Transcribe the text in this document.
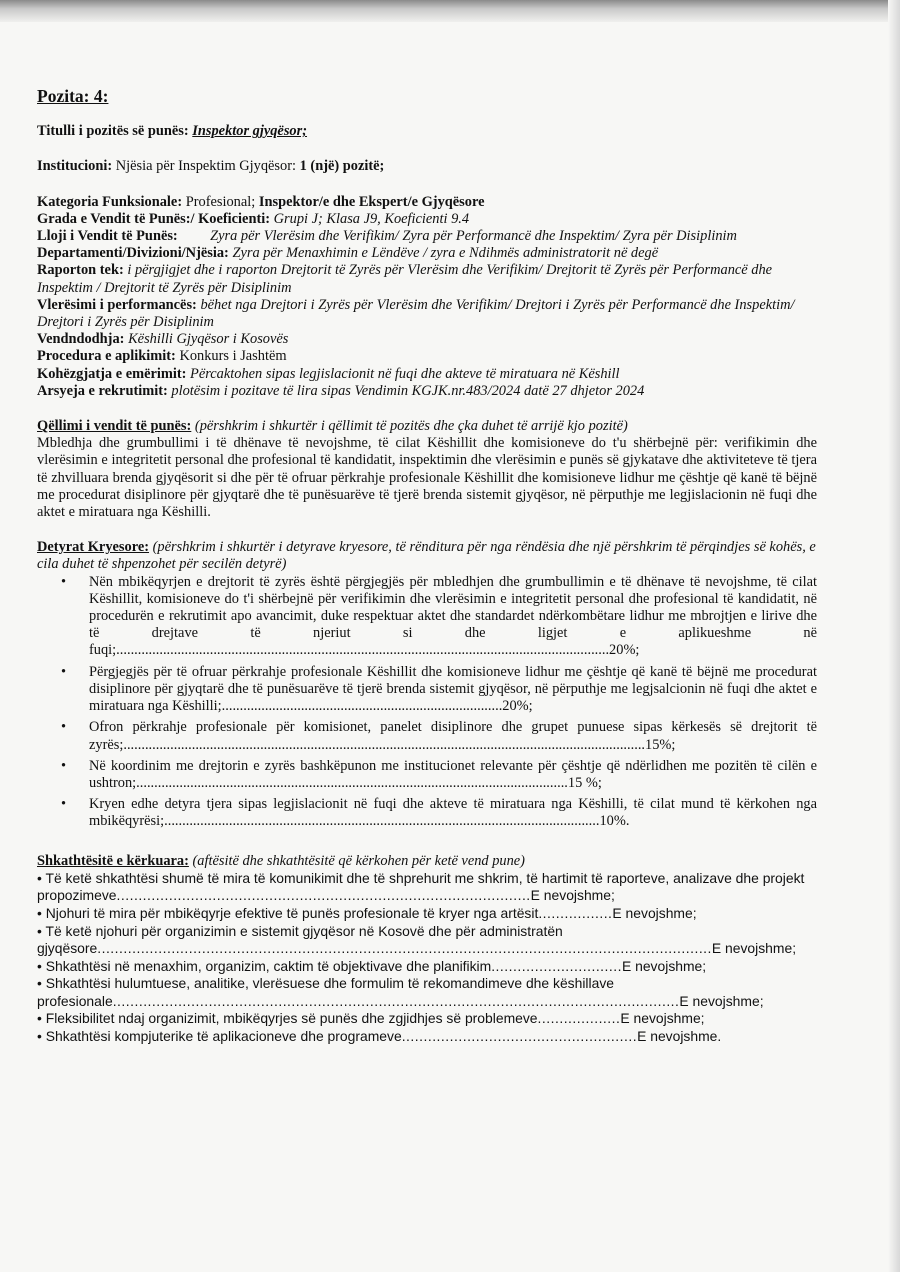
Pozita: 4:
Titulli i pozitës së punës: Inspektor gjyqësor;
Institucioni: Njësia për Inspektim Gjyqësor: 1 (një) pozitë;
Kategoria Funksionale: Profesional; Inspektor/e dhe Ekspert/e Gjyqësore
Grada e Vendit të Punës:/ Koeficienti: Grupi J; Klasa J9, Koeficienti 9.4
Lloji i Vendit të Punës: Zyra për Vlerësim dhe Verifikim/ Zyra për Performancë dhe Inspektim/ Zyra për Disiplinim
Departamenti/Divizioni/Njësia: Zyra për Menaxhimin e Lëndëve / zyra e Ndihmës administratorit në degë
Raporton tek: i përgjigjet dhe i raporton Drejtorit të Zyrës për Vlerësim dhe Verifikim/ Drejtorit të Zyrës për Performancë dhe Inspektim / Drejtorit të Zyrës për Disiplinim
Vlerësimi i performancës: bëhet nga Drejtori i Zyrës për Vlerësim dhe Verifikim/ Drejtori i Zyrës për Performancë dhe Inspektim/ Drejtori i Zyrës për Disiplinim
Vendndodhja: Këshilli Gjyqësor i Kosovës
Procedura e aplikimit: Konkurs i Jashtëm
Kohëzgjatja e emërimit: Përcaktohen sipas legjislacionit në fuqi dhe akteve të miratuara në Këshill
Arsyeja e rekrutimit: plotësim i pozitave të lira sipas Vendimin KGJK.nr.483/2024 datë 27 dhjetor 2024
Qëllimi i vendit të punës: (përshkrim i shkurtër i qëllimit të pozitës dhe çka duhet të arrijë kjo pozitë)
Mbledhja dhe grumbullimi i të dhënave të nevojshme, të cilat Këshillit dhe komisioneve do t'u shërbejnë për: verifikimin dhe vlerësimin e integritetit personal dhe profesional të kandidatit, inspektimin dhe vlerësimin e punës së gjykatave dhe aktiviteteve të tjera të zhvilluara brenda gjyqësorit si dhe për të ofruar përkrahje profesionale Këshillit dhe komisioneve lidhur me çështje që kanë të bëjnë me procedurat disiplinore për gjyqtarë dhe të punësuarëve të tjerë brenda sistemit gjyqësor, në përputhje me legjislacionin në fuqi dhe aktet e miratuara nga Këshilli.
Detyrat Kryesore: (përshkrim i shkurtër i detyrave kryesore, të rënditura për nga rëndësia dhe një përshkrim të përqindjes së kohës, e cila duhet të shpenzohet për secilën detyrë)
• Nën mbikëqyrjen e drejtorit të zyrës është përgjegjës për mbledhjen dhe grumbullimin e të dhënave të nevojshme, të cilat Këshillit, komisioneve do t'i shërbejnë për verifikimin dhe vlerësimin e integritetit personal dhe profesional të kandidatit, në procedurën e rekrutimit apo avancimit, duke respektuar aktet dhe standardet ndërkombëtare lidhur me mbrojtjen e lirive dhe të drejtave të njeriut si dhe ligjet e aplikueshme në fuqi;.........................................................................................................................................20%;
• Përgjegjës për të ofruar përkrahje profesionale Këshillit dhe komisioneve lidhur me çështje që kanë të bëjnë me procedurat disiplinore për gjyqtarë dhe të punësuarëve të tjerë brenda sistemit gjyqësor, në përputhje me legjsalcionin në fuqi dhe aktet e miratuara nga Këshilli;..............................................................................20%;
• Ofron përkrahje profesionale për komisionet, panelet disiplinore dhe grupet punuese sipas kërkesës së drejtorit të zyrës;.................................................................................................................................................15%;
• Në koordinim me drejtorin e zyrës bashkëpunon me institucionet relevante për çështje që ndërlidhen me pozitën të cilën e ushtron;........................................................................................................................15 %;
• Kryen edhe detyra tjera sipas legjislacionit në fuqi dhe akteve të miratuara nga Këshilli, të cilat mund të kërkohen nga mbikëqyrësi;.........................................................................................................................10%.
Shkathtësitë e kërkuara: (aftësitë dhe shkathtësitë që kërkohen për ketë vend pune)
• Të ketë shkathtësi shumë të mira të komunikimit dhe të shprehurit me shkrim, të hartimit të raporteve, analizave dhe projekt propozimeve...............................................................................................E nevojshme;
• Njohuri të mira për mbikëqyrje efektive të punës profesionale të kryer nga artësit.................E nevojshme;
• Të ketë njohuri për organizimin e sistemit gjyqësor në Kosovë dhe për administratën gjyqësore.............................................................................................................................................E nevojshme;
• Shkathtësi në menaxhim, organizim, caktim të objektivave dhe planifikim..............................E nevojshme;
• Shkathtësi hulumtuese, analitike, vlerësuese dhe formulim të rekomandimeve dhe këshillave profesionale..................................................................................................................................E nevojshme;
• Fleksibilitet ndaj organizimit, mbikëqyrjes së punës dhe zgjidhjes së problemeve...................E nevojshme;
• Shkathtësi kompjuterike të aplikacioneve dhe programeve......................................................E nevojshme.
